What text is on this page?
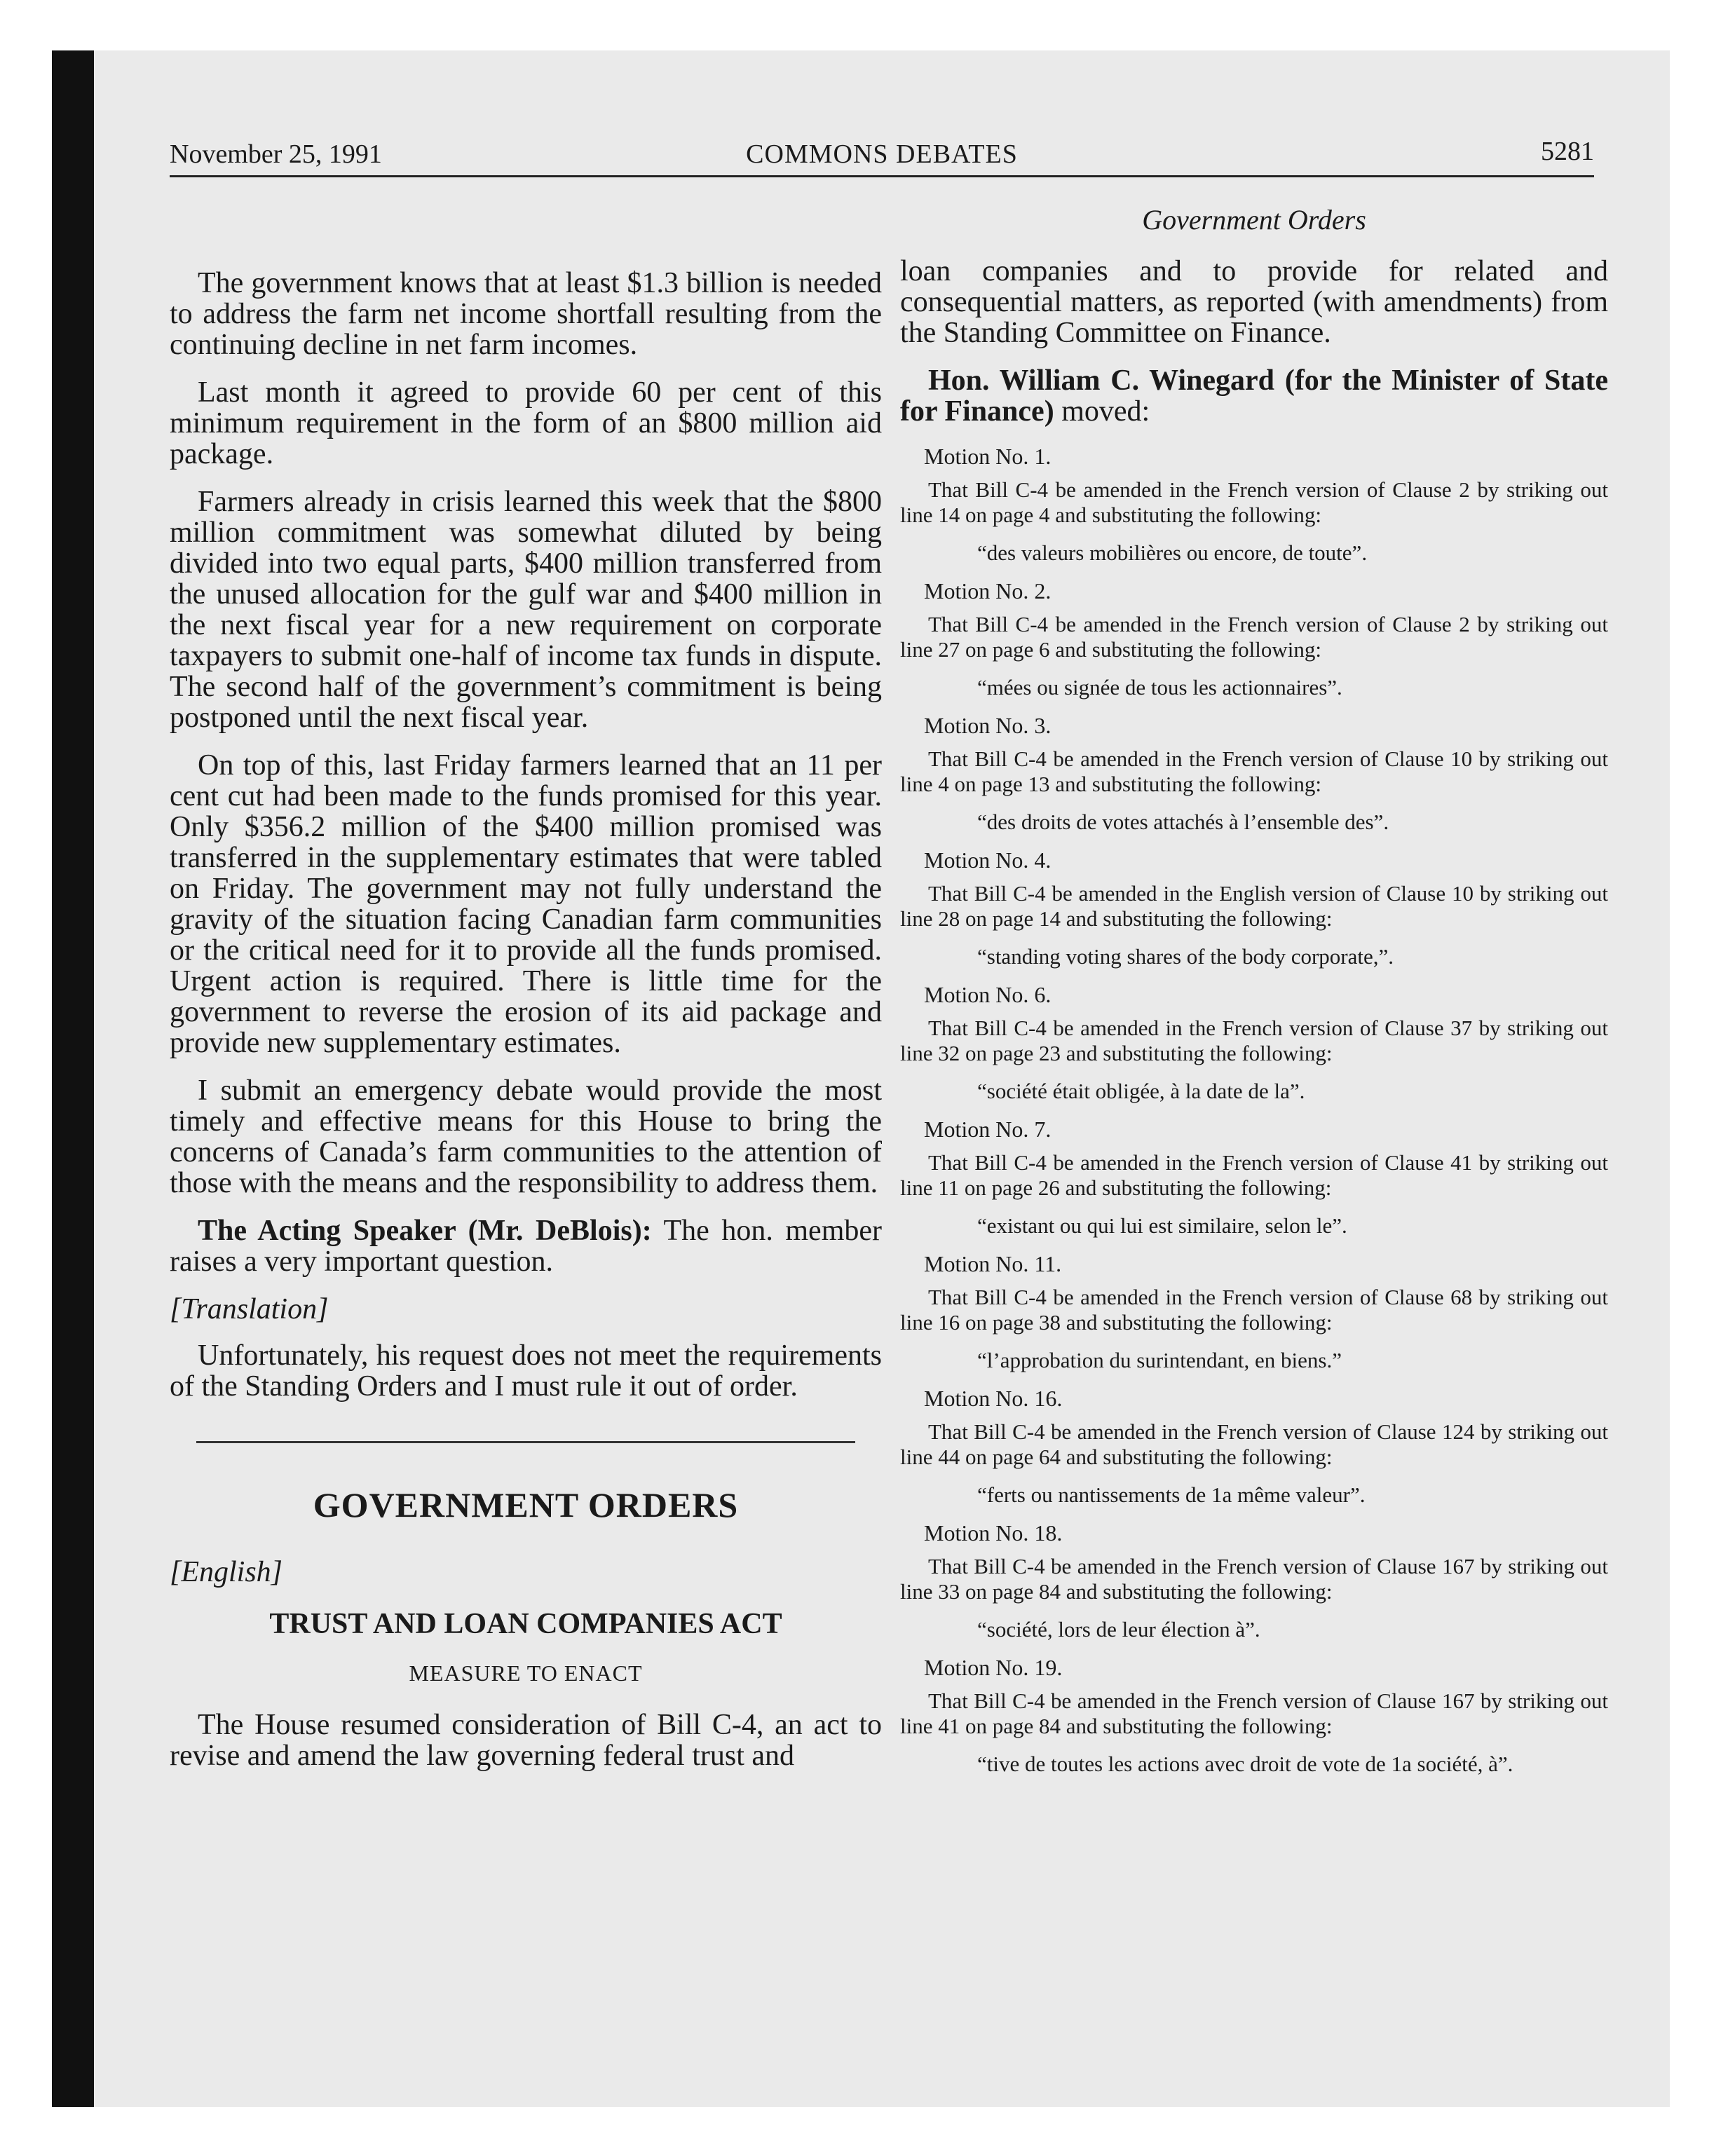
November 25, 1991	COMMONS DEBATES	5281

The government knows that at least $1.3 billion is needed to address the farm net income shortfall resulting from the continuing decline in net farm incomes.

Last month it agreed to provide 60 per cent of this minimum requirement in the form of an $800 million aid package.

Farmers already in crisis learned this week that the $800 million commitment was somewhat diluted by being divided into two equal parts, $400 million transferred from the unused allocation for the gulf war and $400 million in the next fiscal year for a new requirement on corporate taxpayers to submit one-half of income tax funds in dispute. The second half of the government’s commitment is being postponed until the next fiscal year.

On top of this, last Friday farmers learned that an 11 per cent cut had been made to the funds promised for this year. Only $356.2 million of the $400 million promised was transferred in the supplementary estimates that were tabled on Friday. The government may not fully understand the gravity of the situation facing Canadian farm communities or the critical need for it to provide all the funds promised. Urgent action is required. There is little time for the government to reverse the erosion of its aid package and provide new supplementary estimates.

I submit an emergency debate would provide the most timely and effective means for this House to bring the concerns of Canada’s farm communities to the attention of those with the means and the responsibility to address them.

The Acting Speaker (Mr. DeBlois): The hon. member raises a very important question.

[Translation]

Unfortunately, his request does not meet the requirements of the Standing Orders and I must rule it out of order.

GOVERNMENT ORDERS

[English]

TRUST AND LOAN COMPANIES ACT

MEASURE TO ENACT

The House resumed consideration of Bill C-4, an act to revise and amend the law governing federal trust and

Government Orders

loan companies and to provide for related and consequential matters, as reported (with amendments) from the Standing Committee on Finance.

Hon. William C. Winegard (for the Minister of State for Finance) moved:

Motion No. 1.

That Bill C-4 be amended in the French version of Clause 2 by striking out line 14 on page 4 and substituting the following:

“des valeurs mobilières ou encore, de toute”.

Motion No. 2.

That Bill C-4 be amended in the French version of Clause 2 by striking out line 27 on page 6 and substituting the following:

“mées ou signée de tous les actionnaires”.

Motion No. 3.

That Bill C-4 be amended in the French version of Clause 10 by striking out line 4 on page 13 and substituting the following:

“des droits de votes attachés à l’ensemble des”.

Motion No. 4.

That Bill C-4 be amended in the English version of Clause 10 by striking out line 28 on page 14 and substituting the following:

“standing voting shares of the body corporate,”.

Motion No. 6.

That Bill C-4 be amended in the French version of Clause 37 by striking out line 32 on page 23 and substituting the following:

“société était obligée, à la date de la”.

Motion No. 7.

That Bill C-4 be amended in the French version of Clause 41 by striking out line 11 on page 26 and substituting the following:

“existant ou qui lui est similaire, selon le”.

Motion No. 11.

That Bill C-4 be amended in the French version of Clause 68 by striking out line 16 on page 38 and substituting the following:

“l’approbation du surintendant, en biens.”

Motion No. 16.

That Bill C-4 be amended in the French version of Clause 124 by striking out line 44 on page 64 and substituting the following:

“ferts ou nantissements de 1a même valeur”.

Motion No. 18.

That Bill C-4 be amended in the French version of Clause 167 by striking out line 33 on page 84 and substituting the following:

“société, lors de leur élection à”.

Motion No. 19.

That Bill C-4 be amended in the French version of Clause 167 by striking out line 41 on page 84 and substituting the following:

“tive de toutes les actions avec droit de vote de 1a société, à”.
